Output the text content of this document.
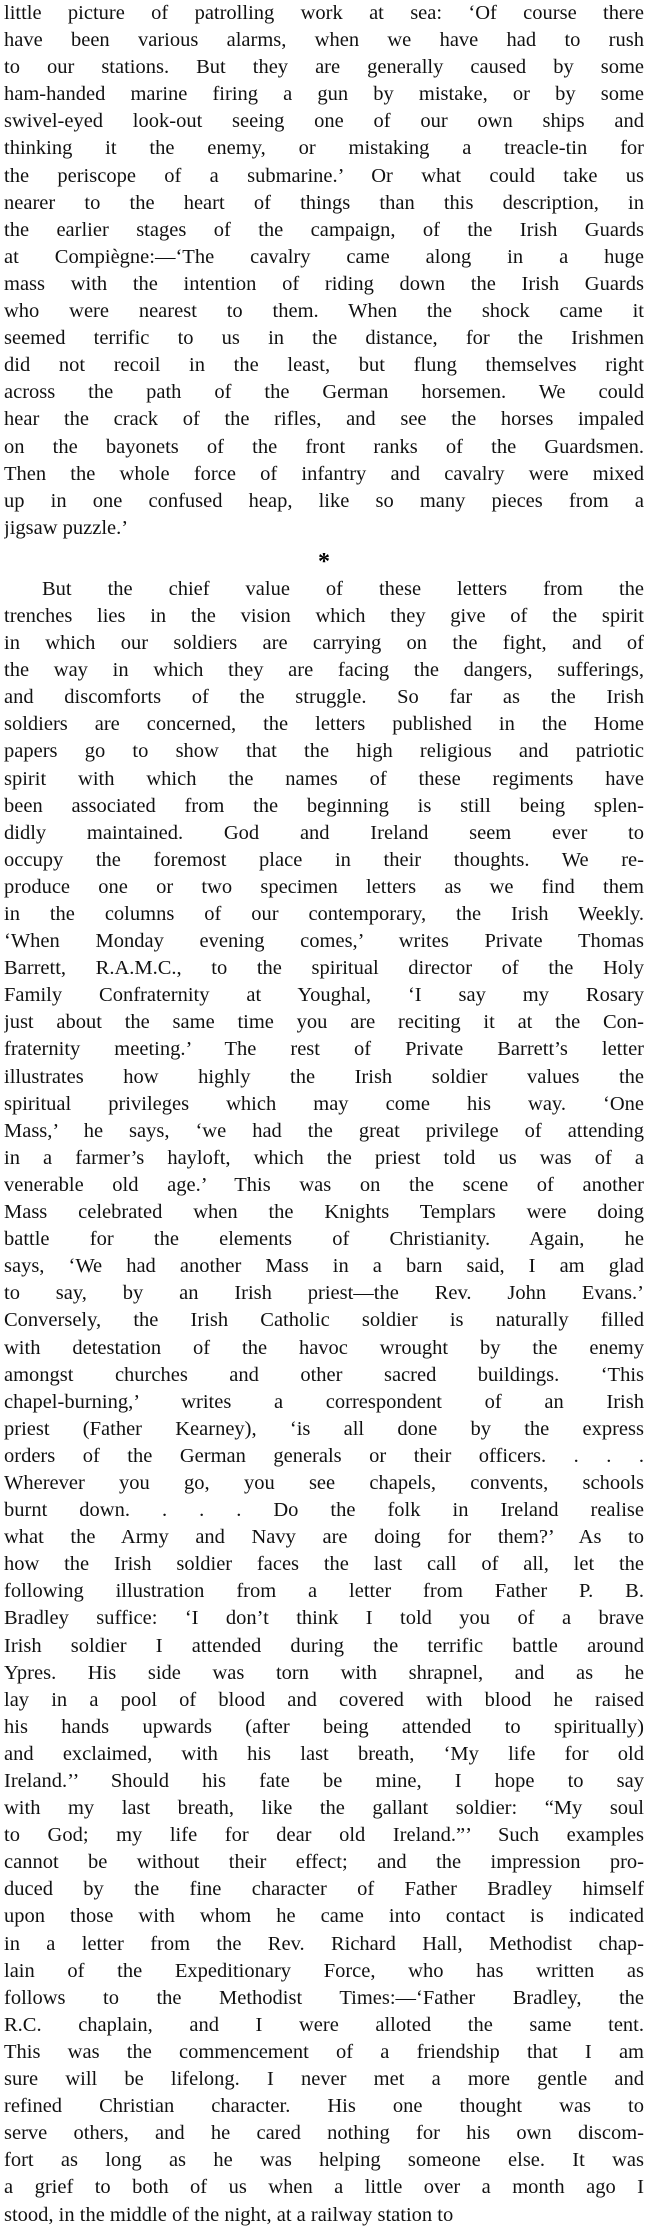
little picture of patrolling work at sea: ‘Of course there
have been various alarms, when we have had to rush
to our stations. But they are generally caused by some
ham-handed marine firing a gun by mistake, or by some
swivel-eyed look-out seeing one of our own ships and
thinking it the enemy, or mistaking a treacle-tin for
the periscope of a submarine.’ Or what could take us
nearer to the heart of things than this description, in
the earlier stages of the campaign, of the Irish Guards
at Compiègne:—‘The cavalry came along in a huge
mass with the intention of riding down the Irish Guards
who were nearest to them. When the shock came it
seemed terrific to us in the distance, for the Irishmen
did not recoil in the least, but flung themselves right
across the path of the German horsemen. We could
hear the crack of the rifles, and see the horses impaled
on the bayonets of the front ranks of the Guardsmen.
Then the whole force of infantry and cavalry were mixed
up in one confused heap, like so many pieces from a
jigsaw puzzle.’
*
But the chief value of these letters from the
trenches lies in the vision which they give of the spirit
in which our soldiers are carrying on the fight, and of
the way in which they are facing the dangers, sufferings,
and discomforts of the struggle. So far as the Irish
soldiers are concerned, the letters published in the Home
papers go to show that the high religious and patriotic
spirit with which the names of these regiments have
been associated from the beginning is still being splen-
didly maintained. God and Ireland seem ever to
occupy the foremost place in their thoughts. We re-
produce one or two specimen letters as we find them
in the columns of our contemporary, the Irish Weekly.
‘When Monday evening comes,’ writes Private Thomas
Barrett, R.A.M.C., to the spiritual director of the Holy
Family Confraternity at Youghal, ‘I say my Rosary
just about the same time you are reciting it at the Con-
fraternity meeting.’ The rest of Private Barrett’s letter
illustrates how highly the Irish soldier values the
spiritual privileges which may come his way. ‘One
Mass,’ he says, ‘we had the great privilege of attending
in a farmer’s hayloft, which the priest told us was of a
venerable old age.’ This was on the scene of another
Mass celebrated when the Knights Templars were doing
battle for the elements of Christianity. Again, he
says, ‘We had another Mass in a barn said, I am glad
to say, by an Irish priest—the Rev. John Evans.’
Conversely, the Irish Catholic soldier is naturally filled
with detestation of the havoc wrought by the enemy
amongst churches and other sacred buildings. ‘This
chapel-burning,’ writes a correspondent of an Irish
priest (Father Kearney), ‘is all done by the express
orders of the German generals or their officers. . . .
Wherever you go, you see chapels, convents, schools
burnt down. . . . Do the folk in Ireland realise
what the Army and Navy are doing for them?’ As to
how the Irish soldier faces the last call of all, let the
following illustration from a letter from Father P. B.
Bradley suffice: ‘I don’t think I told you of a brave
Irish soldier I attended during the terrific battle around
Ypres. His side was torn with shrapnel, and as he
lay in a pool of blood and covered with blood he raised
his hands upwards (after being attended to spiritually)
and exclaimed, with his last breath, ‘My life for old
Ireland.’’ Should his fate be mine, I hope to say
with my last breath, like the gallant soldier: “My soul
to God; my life for dear old Ireland.”’ Such examples
cannot be without their effect; and the impression pro-
duced by the fine character of Father Bradley himself
upon those with whom he came into contact is indicated
in a letter from the Rev. Richard Hall, Methodist chap-
lain of the Expeditionary Force, who has written as
follows to the Methodist Times:—‘Father Bradley, the
R.C. chaplain, and I were alloted the same tent.
This was the commencement of a friendship that I am
sure will be lifelong. I never met a more gentle and
refined Christian character. His one thought was to
serve others, and he cared nothing for his own discom-
fort as long as he was helping someone else. It was
a grief to both of us when a little over a month ago I
stood, in the middle of the night, at a railway station to
